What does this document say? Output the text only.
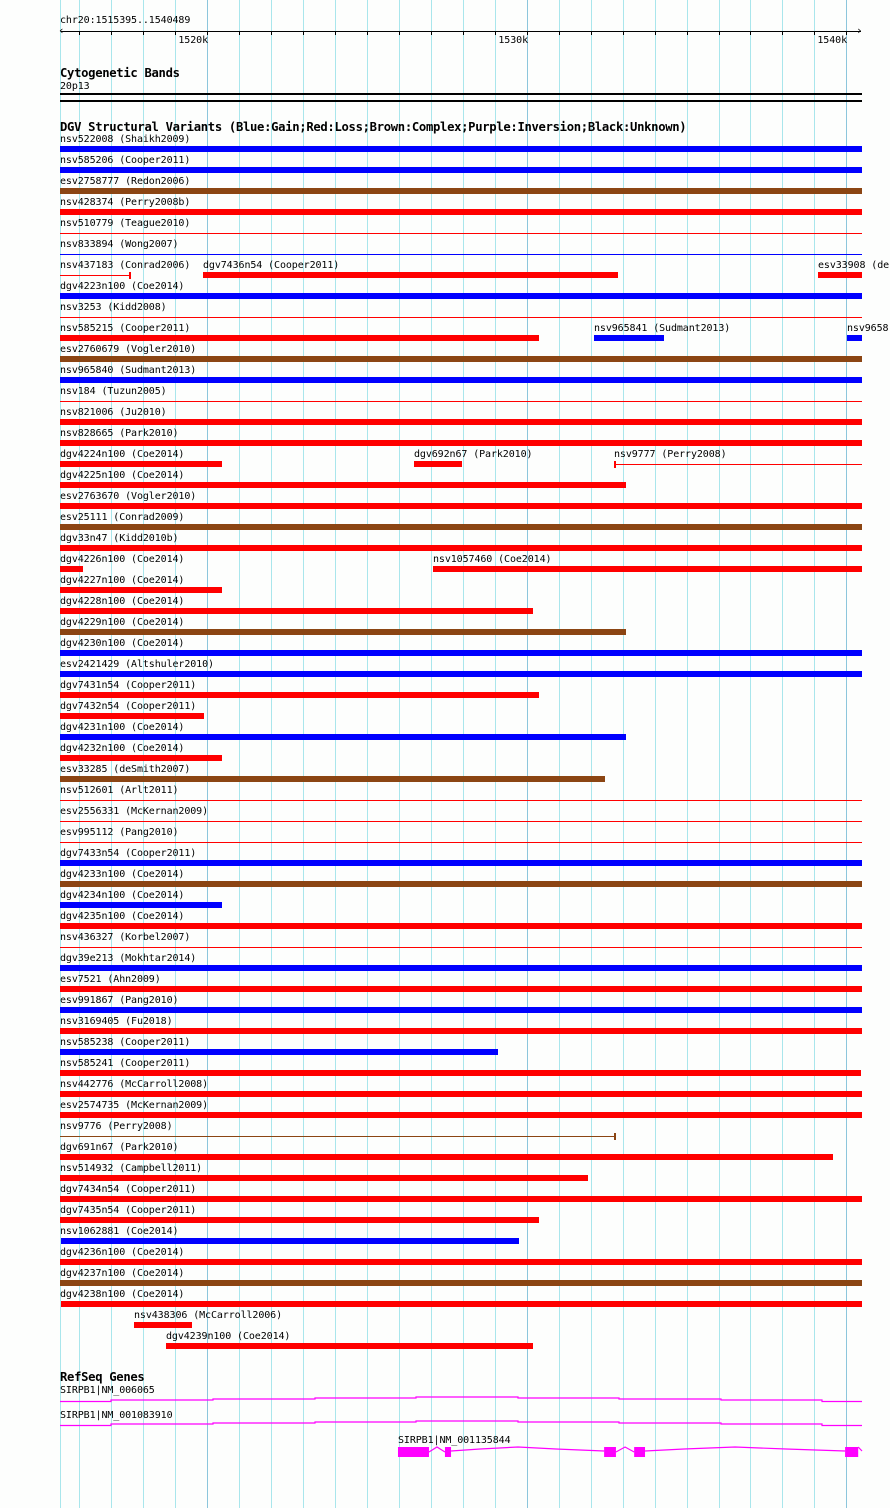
chr20:1515395..1540489
‹	›
1520k	1530k	1540k
Cytogenetic Bands
20p13
DGV Structural Variants (Blue:Gain;Red:Loss;Brown:Complex;Purple:Inversion;Black:Unknown)
nsv522008 (Shaikh2009)
nsv585206 (Cooper2011)
esv2758777 (Redon2006)
nsv428374 (Perry2008b)
nsv510779 (Teague2010)
nsv833894 (Wong2007)
nsv437183 (Conrad2006) dgv7436n54 (Cooper2011)	esv33908 (de
dgv4223n100 (Coe2014)
nsv3253 (Kidd2008)
nsv585215 (Cooper2011)	nsv965841 (Sudmant2013)	nsv9658
esv2760679 (Vogler2010)
nsv965840 (Sudmant2013)
nsv184 (Tuzun2005)
nsv821006 (Ju2010)
nsv828665 (Park2010)
dgv4224n100 (Coe2014)	dgv692n67 (Park2010)	nsv9777 (Perry2008)
dgv4225n100 (Coe2014)
esv2763670 (Vogler2010)
esv25111 (Conrad2009)
dgv33n47 (Kidd2010b)
dgv4226n100 (Coe2014)	nsv1057460 (Coe2014)
dgv4227n100 (Coe2014)
dgv4228n100 (Coe2014)
dgv4229n100 (Coe2014)
dgv4230n100 (Coe2014)
esv2421429 (Altshuler2010)
dgv7431n54 (Cooper2011)
dgv7432n54 (Cooper2011)
dgv4231n100 (Coe2014)
dgv4232n100 (Coe2014)
esv33285 (deSmith2007)
nsv512601 (Arlt2011)
esv2556331 (McKernan2009)
esv995112 (Pang2010)
dgv7433n54 (Cooper2011)
dgv4233n100 (Coe2014)
dgv4234n100 (Coe2014)
dgv4235n100 (Coe2014)
nsv436327 (Korbel2007)
dgv39e213 (Mokhtar2014)
esv7521 (Ahn2009)
esv991867 (Pang2010)
nsv3169405 (Fu2018)
nsv585238 (Cooper2011)
nsv585241 (Cooper2011)
nsv442776 (McCarroll2008)
esv2574735 (McKernan2009)
nsv9776 (Perry2008)
dgv691n67 (Park2010)
nsv514932 (Campbell2011)
dgv7434n54 (Cooper2011)
dgv7435n54 (Cooper2011)
nsv1062881 (Coe2014)
dgv4236n100 (Coe2014)
dgv4237n100 (Coe2014)
dgv4238n100 (Coe2014)
nsv438306 (McCarroll2006)
dgv4239n100 (Coe2014)
RefSeq Genes
SIRPB1|NM_006065
SIRPB1|NM_001083910
SIRPB1|NM_001135844
